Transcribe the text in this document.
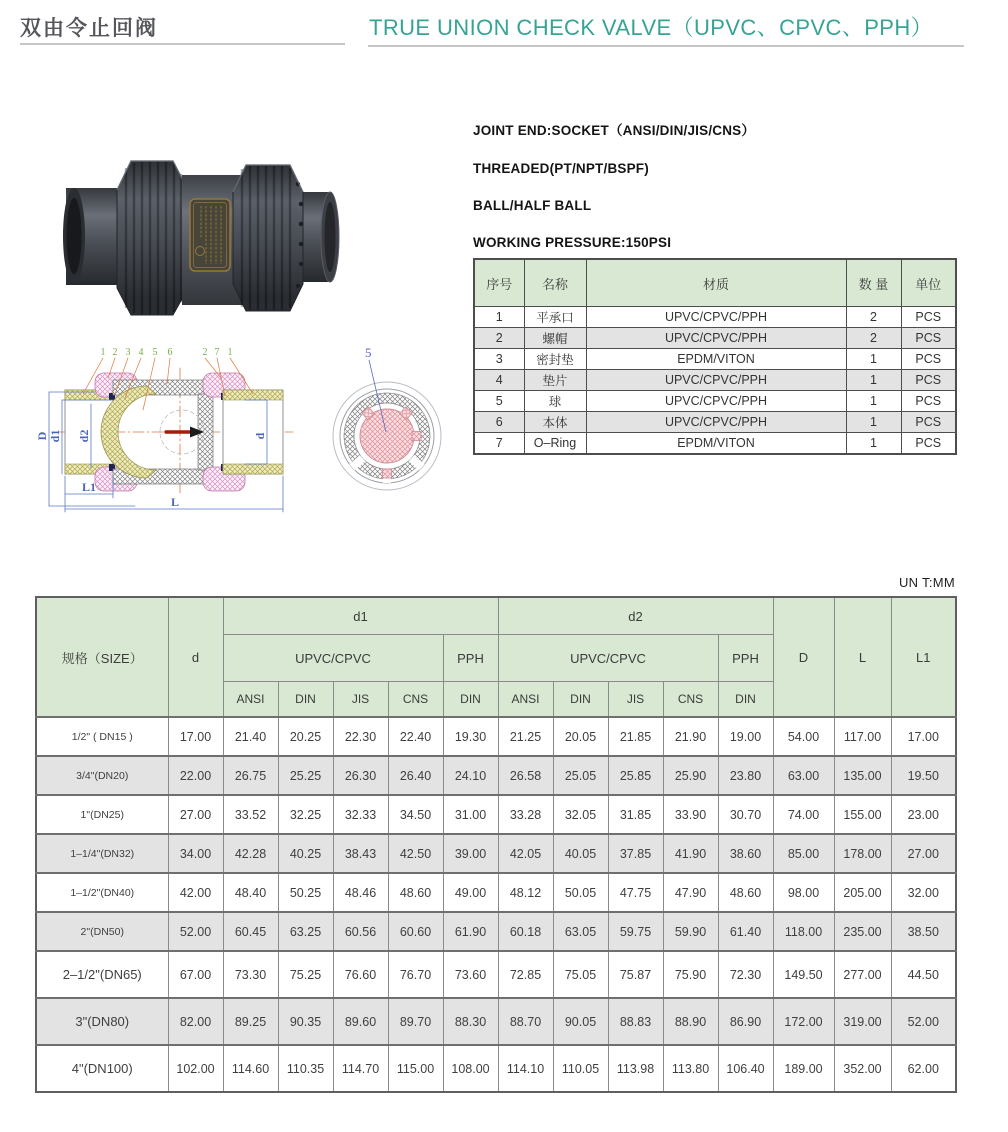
双由令止回阀	TRUE UNION CHECK VALVE（UPVC、CPVC、PPH）
JOINT END:SOCKET（ANSI/DIN/JIS/CNS）
THREADED(PT/NPT/BSPF)
BALL/HALF BALL
WORKING PRESSURE:150PSI
序号	名称	材质	数 量	单位
1	平承口	UPVC/CPVC/PPH	2	PCS
2	螺帽	UPVC/CPVC/PPH	2	PCS
3	密封垫	EPDM/VITON	1	PCS
4	垫片	UPVC/CPVC/PPH	1	PCS
5	球	UPVC/CPVC/PPH	1	PCS
6	本体	UPVC/CPVC/PPH	1	PCS
7	O–Ring	EPDM/VITON	1	PCS
D d1 d2	d
L1
L
1 2 3 4 5 6	2 7 1	5
UN T:MM
规格（SIZE）	d	d1					d2					D	L	L1
		UPVC/CPVC				PPH	UPVC/CPVC				PPH			
		ANSI	DIN	JIS	CNS	DIN	ANSI	DIN	JIS	CNS	DIN			
1/2" ( DN15 )	17.00	21.40	20.25	22.30	22.40	19.30	21.25	20.05	21.85	21.90	19.00	54.00	117.00	17.00
3/4"(DN20)	22.00	26.75	25.25	26.30	26.40	24.10	26.58	25.05	25.85	25.90	23.80	63.00	135.00	19.50
1"(DN25)	27.00	33.52	32.25	32.33	34.50	31.00	33.28	32.05	31.85	33.90	30.70	74.00	155.00	23.00
1–1/4"(DN32)	34.00	42.28	40.25	38.43	42.50	39.00	42.05	40.05	37.85	41.90	38.60	85.00	178.00	27.00
1–1/2"(DN40)	42.00	48.40	50.25	48.46	48.60	49.00	48.12	50.05	47.75	47.90	48.60	98.00	205.00	32.00
2"(DN50)	52.00	60.45	63.25	60.56	60.60	61.90	60.18	63.05	59.75	59.90	61.40	118.00	235.00	38.50
2–1/2"(DN65)	67.00	73.30	75.25	76.60	76.70	73.60	72.85	75.05	75.87	75.90	72.30	149.50	277.00	44.50
3"(DN80)	82.00	89.25	90.35	89.60	89.70	88.30	88.70	90.05	88.83	88.90	86.90	172.00	319.00	52.00
4"(DN100)	102.00	114.60	110.35	114.70	115.00	108.00	114.10	110.05	113.98	113.80	106.40	189.00	352.00	62.00
